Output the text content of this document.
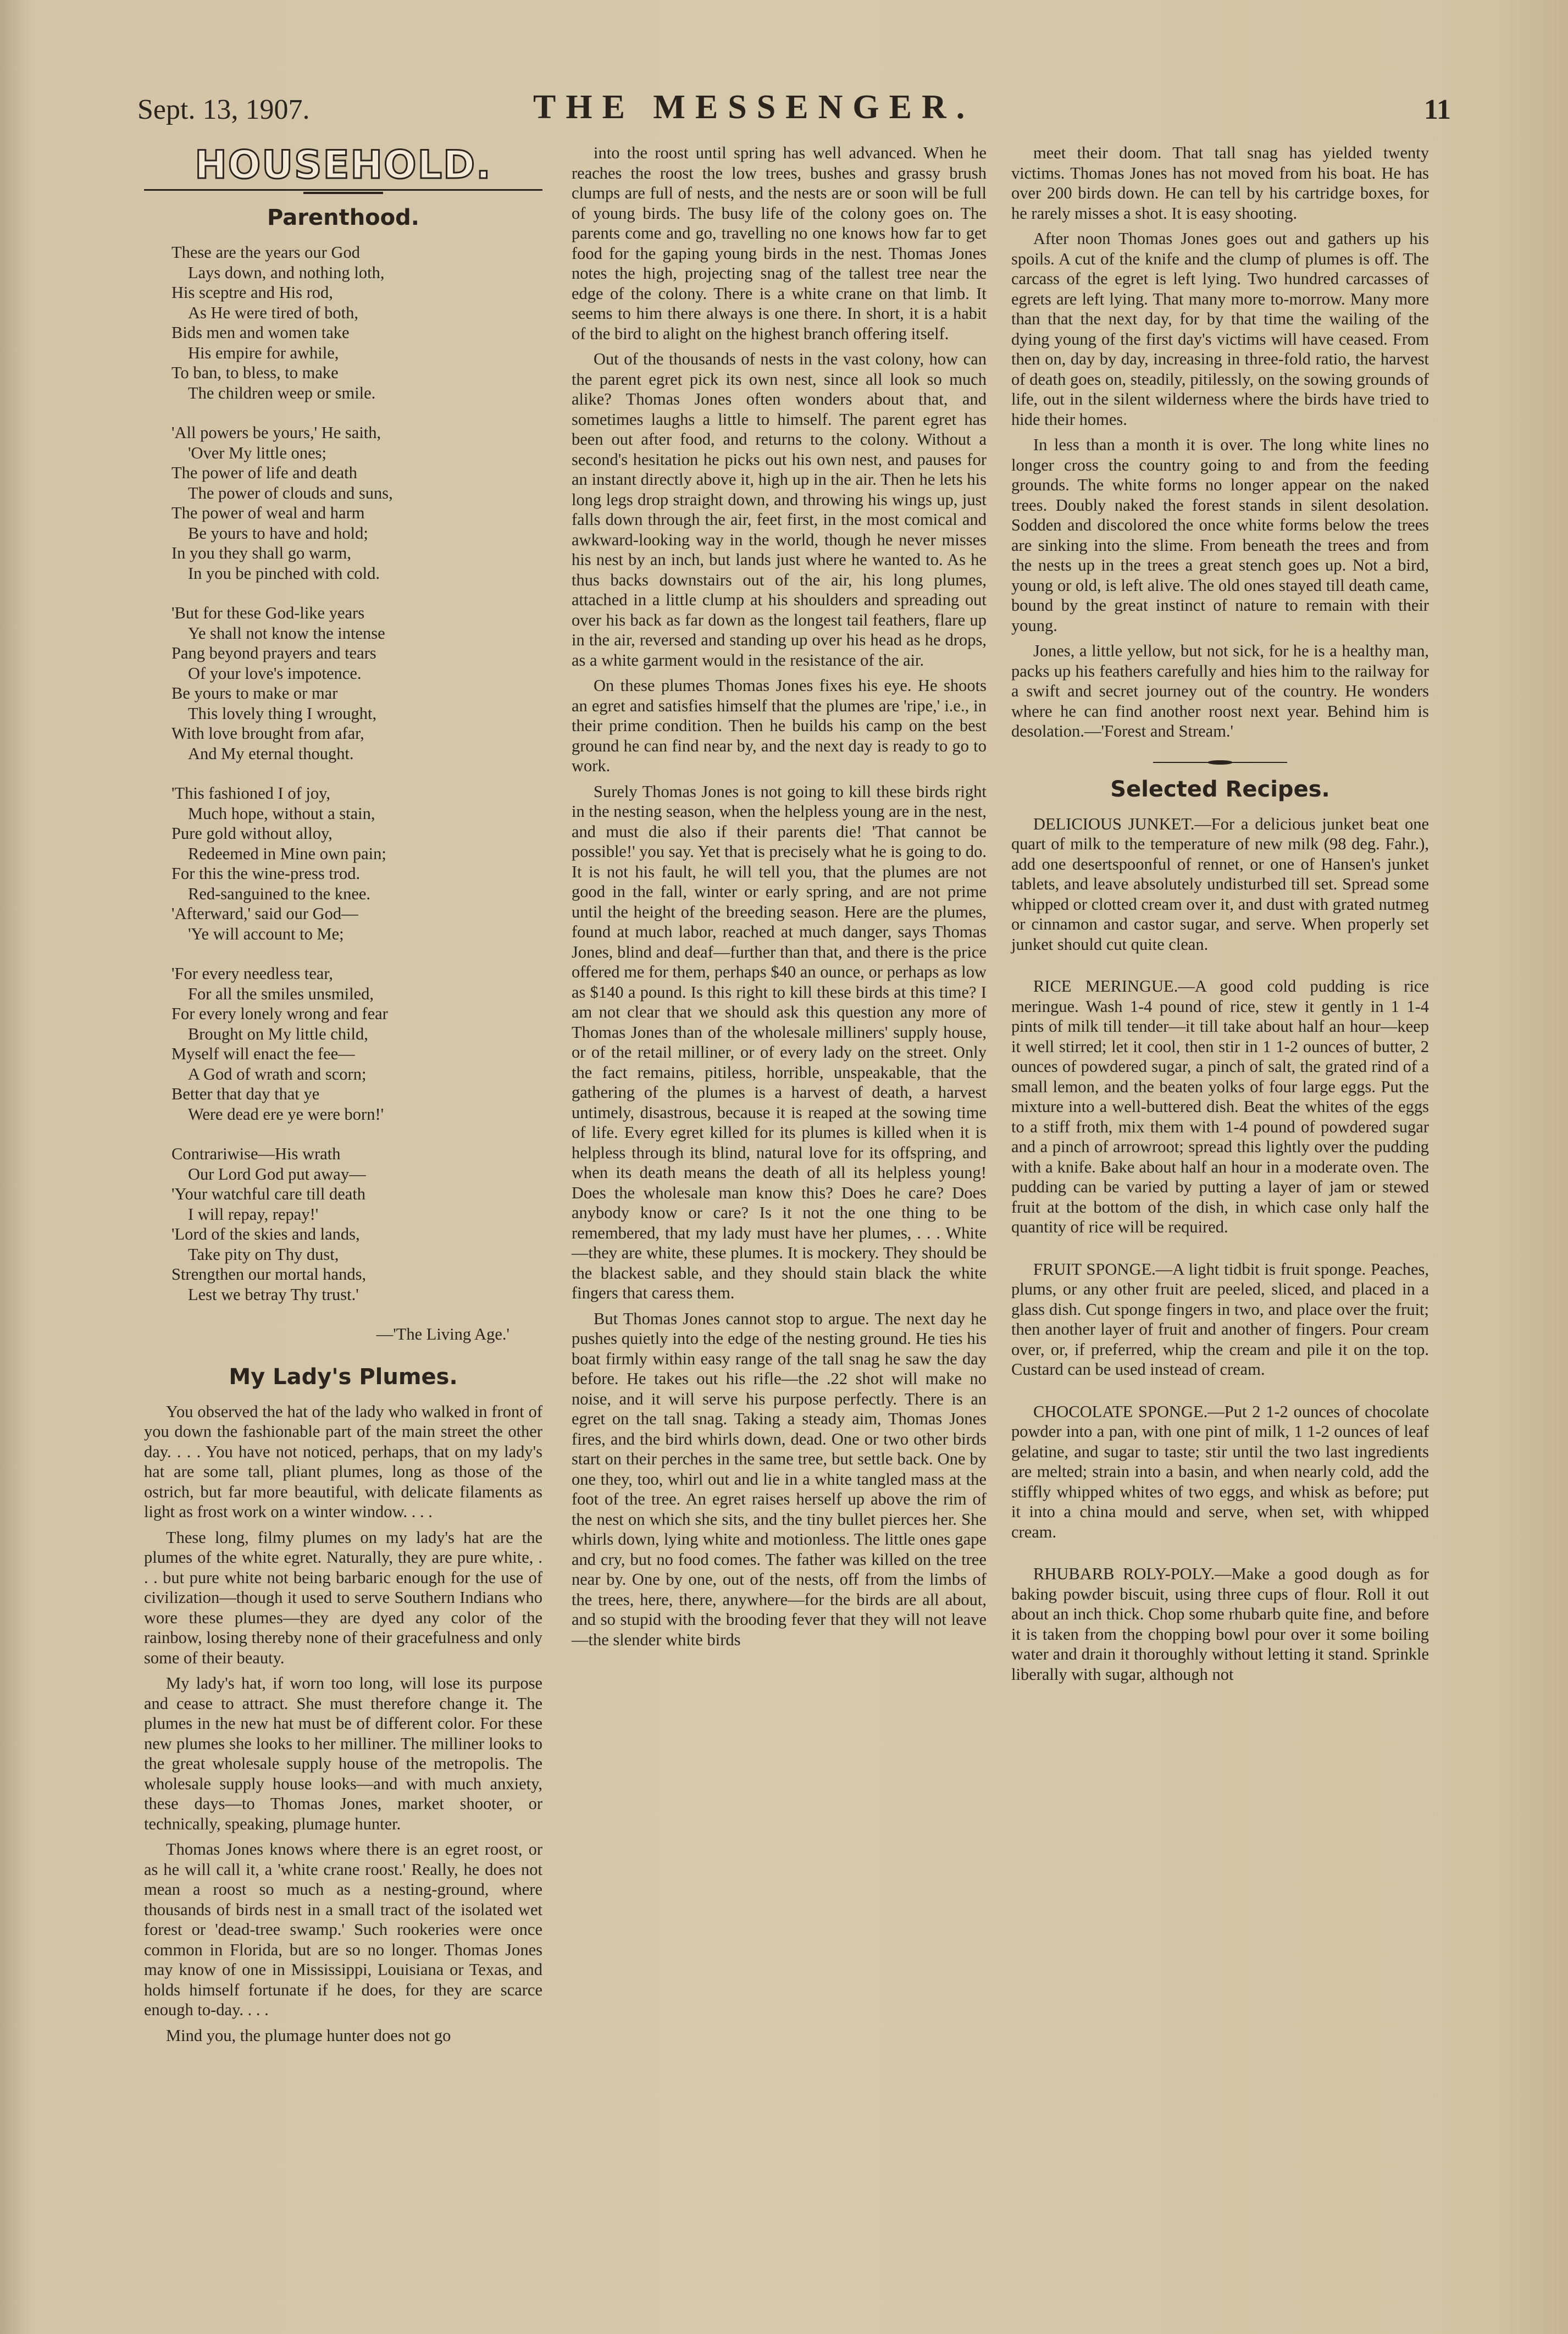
Sept. 13, 1907.	THE MESSENGER.	11
HOUSEHOLD.
Parenthood.
These are the years our God
Lays down, and nothing loth,
His sceptre and His rod,
As He were tired of both,
Bids men and women take
His empire for awhile,
To ban, to bless, to make
The children weep or smile.
'All powers be yours,' He saith,
'Over My little ones;
The power of life and death
The power of clouds and suns,
The power of weal and harm
Be yours to have and hold;
In you they shall go warm,
In you be pinched with cold.
'But for these God-like years
Ye shall not know the intense
Pang beyond prayers and tears
Of your love's impotence.
Be yours to make or mar
This lovely thing I wrought,
With love brought from afar,
And My eternal thought.
'This fashioned I of joy,
Much hope, without a stain,
Pure gold without alloy,
Redeemed in Mine own pain;
For this the wine-press trod.
Red-sanguined to the knee.
'Afterward,' said our God—
'Ye will account to Me;
'For every needless tear,
For all the smiles unsmiled,
For every lonely wrong and fear
Brought on My little child,
Myself will enact the fee—
A God of wrath and scorn;
Better that day that ye
Were dead ere ye were born!'
Contrariwise—His wrath
Our Lord God put away—
'Your watchful care till death
I will repay, repay!'
'Lord of the skies and lands,
Take pity on Thy dust,
Strengthen our mortal hands,
Lest we betray Thy trust.'
—'The Living Age.'
My Lady's Plumes.

You observed the hat of the lady who walked in front of you down the fashionable part of the main street the other day. . . . You have not noticed, perhaps, that on my lady's hat are some tall, pliant plumes, long as those of the ostrich, but far more beautiful, with delicate filaments as light as frost work on a winter window. . . .

These long, filmy plumes on my lady's hat are the plumes of the white egret. Naturally, they are pure white, . . . but pure white not being barbaric enough for the use of civilization—though it used to serve Southern Indians who wore these plumes—they are dyed any color of the rainbow, losing thereby none of their gracefulness and only some of their beauty.

My lady's hat, if worn too long, will lose its purpose and cease to attract. She must therefore change it. The plumes in the new hat must be of different color. For these new plumes she looks to her milliner. The milliner looks to the great wholesale supply house of the metropolis. The wholesale supply house looks—and with much anxiety, these days—to Thomas Jones, market shooter, or technically, speaking, plumage hunter.

Thomas Jones knows where there is an egret roost, or as he will call it, a 'white crane roost.' Really, he does not mean a roost so much as a nesting-ground, where thousands of birds nest in a small tract of the isolated wet forest or 'dead-tree swamp.' Such rookeries were once common in Florida, but are so no longer. Thomas Jones may know of one in Mississippi, Louisiana or Texas, and holds himself fortunate if he does, for they are scarce enough to-day. . . .

Mind you, the plumage hunter does not go

into the roost until spring has well advanced. When he reaches the roost the low trees, bushes and grassy brush clumps are full of nests, and the nests are or soon will be full of young birds. The busy life of the colony goes on. The parents come and go, travelling no one knows how far to get food for the gaping young birds in the nest. Thomas Jones notes the high, projecting snag of the tallest tree near the edge of the colony. There is a white crane on that limb. It seems to him there always is one there. In short, it is a habit of the bird to alight on the highest branch offering itself.

Out of the thousands of nests in the vast colony, how can the parent egret pick its own nest, since all look so much alike? Thomas Jones often wonders about that, and sometimes laughs a little to himself. The parent egret has been out after food, and returns to the colony. Without a second's hesitation he picks out his own nest, and pauses for an instant directly above it, high up in the air. Then he lets his long legs drop straight down, and throwing his wings up, just falls down through the air, feet first, in the most comical and awkward-looking way in the world, though he never misses his nest by an inch, but lands just where he wanted to. As he thus backs downstairs out of the air, his long plumes, attached in a little clump at his shoulders and spreading out over his back as far down as the longest tail feathers, flare up in the air, reversed and standing up over his head as he drops, as a white garment would in the resistance of the air.

On these plumes Thomas Jones fixes his eye. He shoots an egret and satisfies himself that the plumes are 'ripe,' i.e., in their prime condition. Then he builds his camp on the best ground he can find near by, and the next day is ready to go to work.

Surely Thomas Jones is not going to kill these birds right in the nesting season, when the helpless young are in the nest, and must die also if their parents die! 'That cannot be possible!' you say. Yet that is precisely what he is going to do. It is not his fault, he will tell you, that the plumes are not good in the fall, winter or early spring, and are not prime until the height of the breeding season. Here are the plumes, found at much labor, reached at much danger, says Thomas Jones, blind and deaf—further than that, and there is the price offered me for them, perhaps $40 an ounce, or perhaps as low as $140 a pound. Is this right to kill these birds at this time? I am not clear that we should ask this question any more of Thomas Jones than of the wholesale milliners' supply house, or of the retail milliner, or of every lady on the street. Only the fact remains, pitiless, horrible, unspeakable, that the gathering of the plumes is a harvest of death, a harvest untimely, disastrous, because it is reaped at the sowing time of life. Every egret killed for its plumes is killed when it is helpless through its blind, natural love for its offspring, and when its death means the death of all its helpless young! Does the wholesale man know this? Does he care? Does anybody know or care? Is it not the one thing to be remembered, that my lady must have her plumes, . . . White—they are white, these plumes. It is mockery. They should be the blackest sable, and they should stain black the white fingers that caress them.

But Thomas Jones cannot stop to argue. The next day he pushes quietly into the edge of the nesting ground. He ties his boat firmly within easy range of the tall snag he saw the day before. He takes out his rifle—the .22 shot will make no noise, and it will serve his purpose perfectly. There is an egret on the tall snag. Taking a steady aim, Thomas Jones fires, and the bird whirls down, dead. One or two other birds start on their perches in the same tree, but settle back. One by one they, too, whirl out and lie in a white tangled mass at the foot of the tree. An egret raises herself up above the rim of the nest on which she sits, and the tiny bullet pierces her. She whirls down, lying white and motionless. The little ones gape and cry, but no food comes. The father was killed on the tree near by. One by one, out of the nests, off from the limbs of the trees, here, there, anywhere—for the birds are all about, and so stupid with the brooding fever that they will not leave—the slender white birds

meet their doom. That tall snag has yielded twenty victims. Thomas Jones has not moved from his boat. He has over 200 birds down. He can tell by his cartridge boxes, for he rarely misses a shot. It is easy shooting.

After noon Thomas Jones goes out and gathers up his spoils. A cut of the knife and the clump of plumes is off. The carcass of the egret is left lying. Two hundred carcasses of egrets are left lying. That many more to-morrow. Many more than that the next day, for by that time the wailing of the dying young of the first day's victims will have ceased. From then on, day by day, increasing in three-fold ratio, the harvest of death goes on, steadily, pitilessly, on the sowing grounds of life, out in the silent wilderness where the birds have tried to hide their homes.

In less than a month it is over. The long white lines no longer cross the country going to and from the feeding grounds. The white forms no longer appear on the naked trees. Doubly naked the forest stands in silent desolation. Sodden and discolored the once white forms below the trees are sinking into the slime. From beneath the trees and from the nests up in the trees a great stench goes up. Not a bird, young or old, is left alive. The old ones stayed till death came, bound by the great instinct of nature to remain with their young.

Jones, a little yellow, but not sick, for he is a healthy man, packs up his feathers carefully and hies him to the railway for a swift and secret journey out of the country. He wonders where he can find another roost next year. Behind him is desolation.—'Forest and Stream.'

Selected Recipes.

DELICIOUS JUNKET.—For a delicious junket beat one quart of milk to the temperature of new milk (98 deg. Fahr.), add one desertspoonful of rennet, or one of Hansen's junket tablets, and leave absolutely undisturbed till set. Spread some whipped or clotted cream over it, and dust with grated nutmeg or cinnamon and castor sugar, and serve. When properly set junket should cut quite clean.

RICE MERINGUE.—A good cold pudding is rice meringue. Wash 1-4 pound of rice, stew it gently in 1 1-4 pints of milk till tender—it till take about half an hour—keep it well stirred; let it cool, then stir in 1 1-2 ounces of butter, 2 ounces of powdered sugar, a pinch of salt, the grated rind of a small lemon, and the beaten yolks of four large eggs. Put the mixture into a well-buttered dish. Beat the whites of the eggs to a stiff froth, mix them with 1-4 pound of powdered sugar and a pinch of arrowroot; spread this lightly over the pudding with a knife. Bake about half an hour in a moderate oven. The pudding can be varied by putting a layer of jam or stewed fruit at the bottom of the dish, in which case only half the quantity of rice will be required.

FRUIT SPONGE.—A light tidbit is fruit sponge. Peaches, plums, or any other fruit are peeled, sliced, and placed in a glass dish. Cut sponge fingers in two, and place over the fruit; then another layer of fruit and another of fingers. Pour cream over, or, if preferred, whip the cream and pile it on the top. Custard can be used instead of cream.

CHOCOLATE SPONGE.—Put 2 1-2 ounces of chocolate powder into a pan, with one pint of milk, 1 1-2 ounces of leaf gelatine, and sugar to taste; stir until the two last ingredients are melted; strain into a basin, and when nearly cold, add the stiffly whipped whites of two eggs, and whisk as before; put it into a china mould and serve, when set, with whipped cream.

RHUBARB ROLY-POLY.—Make a good dough as for baking powder biscuit, using three cups of flour. Roll it out about an inch thick. Chop some rhubarb quite fine, and before it is taken from the chopping bowl pour over it some boiling water and drain it thoroughly without letting it stand. Sprinkle liberally with sugar, although not
